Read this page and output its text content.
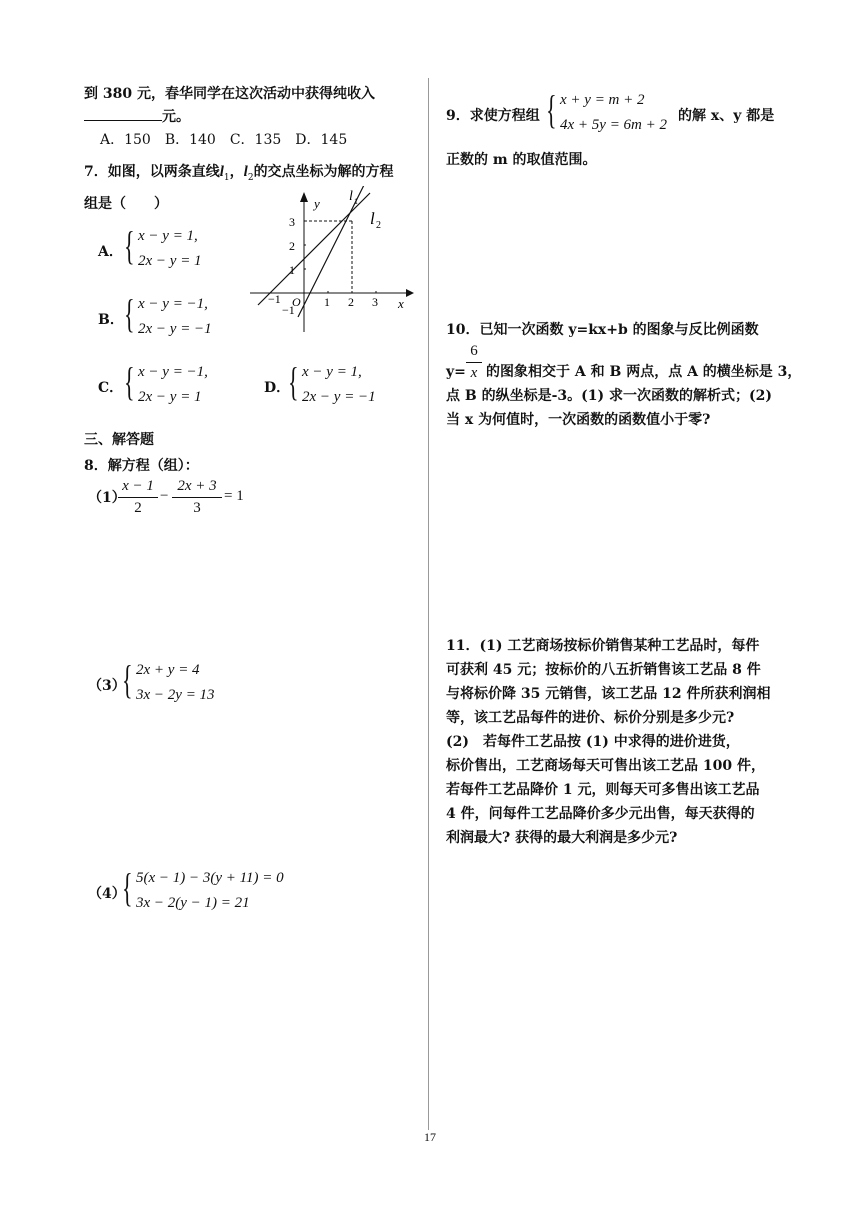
到 380 元，春华同学在这次活动中获得纯收入
元。
A．150　B．140　C．135　D．145
7．如图，以两条直线$l_1$，$l_2$的交点坐标为解的方程
组是（　　）
A． { x − y = 1,
2x − y = 1
B． { x − y = −1,
2x − y = −1
C． { x − y = −1,
2x − y = 1
D．
{ x − y = 1,
2x − y = −1
y
x
O
l 1
l 2
3
2
1
−1
−1	1 2 3
三、解答题
8．解方程（组）：
（1）
x − 1
2
−
2x + 3
3
= 1
（3）
{ 2x + y = 4
3x − 2y = 13
（4）
{ 5(x − 1) − 3(y + 11) = 0
3x − 2(y − 1) = 21
9．求使方程组 { x + y = m + 2
4x + 5y = 6m + 2
的解 x、y 都是
正数的 m 的取值范围。
10．已知一次函数 y=kx+b 的图象与反比例函数
y=
6
x 的图象相交于 A 和 B 两点，点 A 的横坐标是 3，
点 B 的纵坐标是-3。(1) 求一次函数的解析式；(2)
当 x 为何值时，一次函数的函数值小于零?
11．(1) 工艺商场按标价销售某种工艺品时，每件
可获利 45 元；按标价的八五折销售该工艺品 8 件
与将标价降 35 元销售，该工艺品 12 件所获利润相
等，该工艺品每件的进价、标价分别是多少元?
(2)　若每件工艺品按 (1) 中求得的进价进货，
标价售出，工艺商场每天可售出该工艺品 100 件，
若每件工艺品降价 1 元，则每天可多售出该工艺品
4 件，问每件工艺品降价多少元出售，每天获得的
利润最大? 获得的最大利润是多少元?
17
